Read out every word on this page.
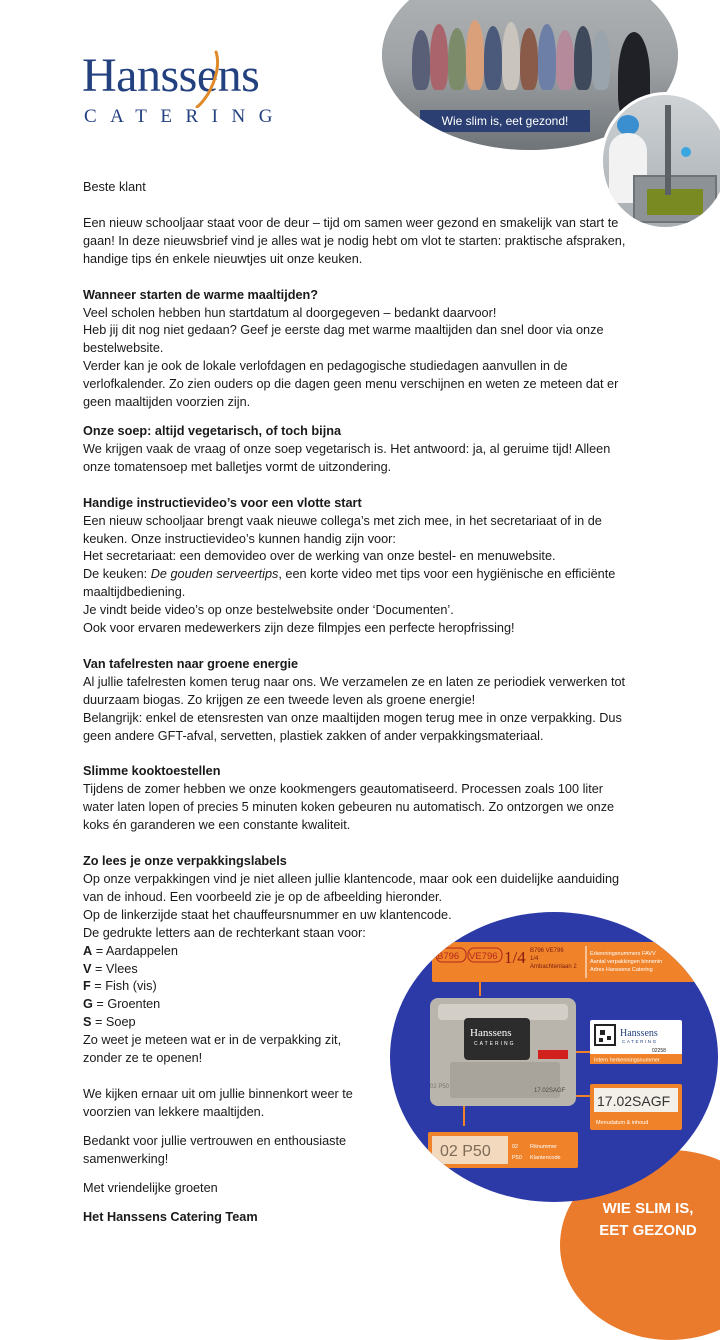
Hanssens
CATERING	Wie slim is, eet gezond!

Beste klant

Een nieuw schooljaar staat voor de deur – tijd om samen weer gezond en smakelijk van start te gaan! In deze nieuwsbrief vind je alles wat je nodig hebt om vlot te starten: praktische afspraken, handige tips én enkele nieuwtjes uit onze keuken.

Wanneer starten de warme maaltijden?

Veel scholen hebben hun startdatum al doorgegeven – bedankt daarvoor!

Heb jij dit nog niet gedaan? Geef je eerste dag met warme maaltijden dan snel door via onze bestelwebsite.

Verder kan je ook de lokale verlofdagen en pedagogische studiedagen aanvullen in de verlofkalender. Zo zien ouders op die dagen geen menu verschijnen en weten ze meteen dat er geen maaltijden voorzien zijn.

Onze soep: altijd vegetarisch, of toch bijna

We krijgen vaak de vraag of onze soep vegetarisch is. Het antwoord: ja, al geruime tijd! Alleen onze tomatensoep met balletjes vormt de uitzondering.

Handige instructievideo’s voor een vlotte start

Een nieuw schooljaar brengt vaak nieuwe collega’s met zich mee, in het secretariaat of in de keuken. Onze instructievideo’s kunnen handig zijn voor:

Het secretariaat: een demovideo over de werking van onze bestel- en menuwebsite.

De keuken: De gouden serveertips, een korte video met tips voor een hygiënische en efficiënte maaltijdbediening.

Je vindt beide video’s op onze bestelwebsite onder ‘Documenten’.

Ook voor ervaren medewerkers zijn deze filmpjes een perfecte heropfrissing!

Van tafelresten naar groene energie

Al jullie tafelresten komen terug naar ons. We verzamelen ze en laten ze periodiek verwerken tot duurzaam biogas. Zo krijgen ze een tweede leven als groene energie!

Belangrijk: enkel de etensresten van onze maaltijden mogen terug mee in onze verpakking. Dus geen andere GFT-afval, servetten, plastiek zakken of ander verpakkingsmateriaal.

Slimme kooktoestellen

Tijdens de zomer hebben we onze kookmengers geautomatiseerd. Processen zoals 100 liter water laten lopen of precies 5 minuten koken gebeuren nu automatisch. Zo ontzorgen we onze koks én garanderen we een constante kwaliteit.

Zo lees je onze verpakkingslabels

Op onze verpakkingen vind je niet alleen jullie klantencode, maar ook een duidelijke aanduiding van de inhoud. Een voorbeeld zie je op de afbeelding hieronder.

Op de linkerzijde staat het chauffeursnummer en uw klantencode.

De gedrukte letters aan de rechterkant staan voor:

A = Aardappelen

V = Vlees

F = Fish (vis)

G = Groenten

S = Soep

Zo weet je meteen wat er in de verpakking zit,

zonder ze te openen!

We kijken ernaar uit om jullie binnenkort weer te

voorzien van lekkere maaltijden.

Bedankt voor jullie vertrouwen en enthousiaste

samenwerking!

Met vriendelijke groeten

Het Hanssens Catering Team

B796 VE796 1/4 B796 VE796
1/4
Ambachtenlaan 2
Erkenningsnummers FAVV
Aantal verpakkingen binnenin
Adres Hanssens Catering
Hanssens
CATERING
02 P50
17.02SAGF
Hanssens
CATERING
02258
Intern herkenningsnummer
17.02SAGF
Menudatum & inhoud
02 P50	02 Ritnummer
P50 Klantencode
WIE SLIM IS,
EET GEZOND
